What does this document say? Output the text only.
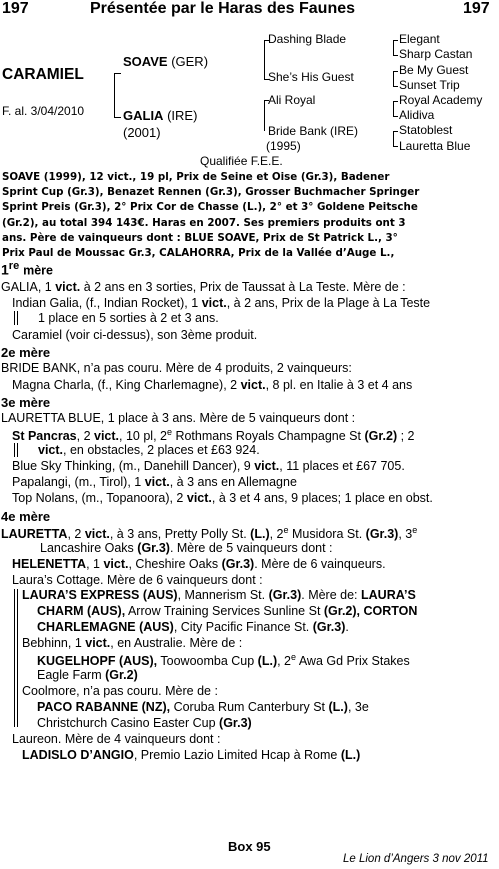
197	Présentée par le Haras des Faunes	197
CARAMIEL
F. al. 3/04/2010
SOAVE (GER)
GALIA (IRE)
(2001)
Dashing Blade
She’s His Guest
Ali Royal
Bride Bank (IRE)
(1995)
Elegant
Sharp Castan
Be My Guest
Sunset Trip
Royal Academy
Alidiva
Statoblest
Lauretta Blue
Qualifiée F.E.E.
SOAVE (1999), 12 vict., 19 pl, Prix de Seine et Oise (Gr.3), Badener
Sprint Cup (Gr.3), Benazet Rennen (Gr.3), Grosser Buchmacher Springer
Sprint Preis (Gr.3), 2° Prix Cor de Chasse (L.), 2° et 3° Goldene Peitsche
(Gr.2), au total 394 143€. Haras en 2007. Ses premiers produits ont 3
ans. Père de vainqueurs dont : BLUE SOAVE, Prix de St Patrick L., 3°
Prix Paul de Moussac Gr.3, CALAHORRA, Prix de la Vallée d’Auge L.,
1re mère
GALIA, 1 vict. à 2 ans en 3 sorties, Prix de Taussat à La Teste. Mère de :
Indian Galia, (f., Indian Rocket), 1 vict., à 2 ans, Prix de la Plage à La Teste
1 place en 5 sorties à 2 et 3 ans.
Caramiel (voir ci-dessus), son 3ème produit.
2e mère
BRIDE BANK, n’a pas couru. Mère de 4 produits, 2 vainqueurs:
Magna Charla, (f., King Charlemagne), 2 vict., 8 pl. en Italie à 3 et 4 ans
3e mère
LAURETTA BLUE, 1 place à 3 ans. Mère de 5 vainqueurs dont :
St Pancras, 2 vict., 10 pl, 2e Rothmans Royals Champagne St (Gr.2) ; 2
vict., en obstacles, 2 places et £63 924.
Blue Sky Thinking, (m., Danehill Dancer), 9 vict., 11 places et £67 705.
Papalangi, (m., Tirol), 1 vict., à 3 ans en Allemagne
Top Nolans, (m., Topanoora), 2 vict., à 3 et 4 ans, 9 places; 1 place en obst.
4e mère
LAURETTA, 2 vict., à 3 ans, Pretty Polly St. (L.), 2e Musidora St. (Gr.3), 3e
Lancashire Oaks (Gr.3). Mère de 5 vainqueurs dont :
HELENETTA, 1 vict., Cheshire Oaks (Gr.3). Mère de 6 vainqueurs.
Laura’s Cottage. Mère de 6 vainqueurs dont :
LAURA’S EXPRESS (AUS), Mannerism St. (Gr.3). Mère de: LAURA’S
CHARM (AUS), Arrow Training Services Sunline St (Gr.2), CORTON
CHARLEMAGNE (AUS), City Pacific Finance St. (Gr.3).
Bebhinn, 1 vict., en Australie. Mère de :
KUGELHOPF (AUS), Toowoomba Cup (L.), 2e Awa Gd Prix Stakes
Eagle Farm (Gr.2)
Coolmore, n’a pas couru. Mère de :
PACO RABANNE (NZ), Coruba Rum Canterbury St (L.), 3e
Christchurch Casino Easter Cup (Gr.3)
Laureon. Mère de 4 vainqueurs dont :
LADISLO D’ANGIO, Premio Lazio Limited Hcap à Rome (L.)
Box 95
Le Lion d’Angers 3 nov 2011
